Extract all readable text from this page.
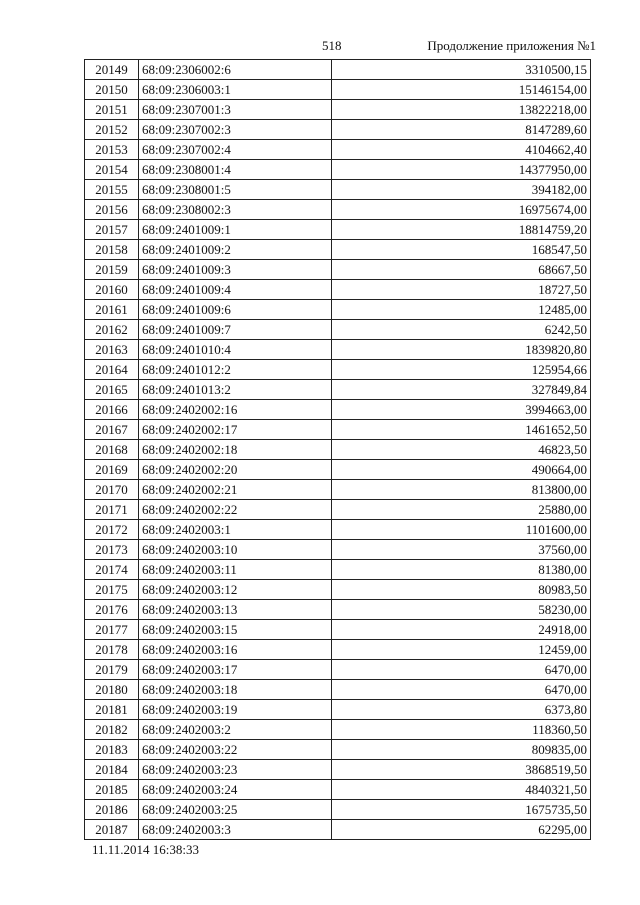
518	Продолжение приложения №1
20149	68:09:2306002:6	3310500,15
20150	68:09:2306003:1	15146154,00
20151	68:09:2307001:3	13822218,00
20152	68:09:2307002:3	8147289,60
20153	68:09:2307002:4	4104662,40
20154	68:09:2308001:4	14377950,00
20155	68:09:2308001:5	394182,00
20156	68:09:2308002:3	16975674,00
20157	68:09:2401009:1	18814759,20
20158	68:09:2401009:2	168547,50
20159	68:09:2401009:3	68667,50
20160	68:09:2401009:4	18727,50
20161	68:09:2401009:6	12485,00
20162	68:09:2401009:7	6242,50
20163	68:09:2401010:4	1839820,80
20164	68:09:2401012:2	125954,66
20165	68:09:2401013:2	327849,84
20166	68:09:2402002:16	3994663,00
20167	68:09:2402002:17	1461652,50
20168	68:09:2402002:18	46823,50
20169	68:09:2402002:20	490664,00
20170	68:09:2402002:21	813800,00
20171	68:09:2402002:22	25880,00
20172	68:09:2402003:1	1101600,00
20173	68:09:2402003:10	37560,00
20174	68:09:2402003:11	81380,00
20175	68:09:2402003:12	80983,50
20176	68:09:2402003:13	58230,00
20177	68:09:2402003:15	24918,00
20178	68:09:2402003:16	12459,00
20179	68:09:2402003:17	6470,00
20180	68:09:2402003:18	6470,00
20181	68:09:2402003:19	6373,80
20182	68:09:2402003:2	118360,50
20183	68:09:2402003:22	809835,00
20184	68:09:2402003:23	3868519,50
20185	68:09:2402003:24	4840321,50
20186	68:09:2402003:25	1675735,50
20187	68:09:2402003:3	62295,00
11.11.2014 16:38:33
